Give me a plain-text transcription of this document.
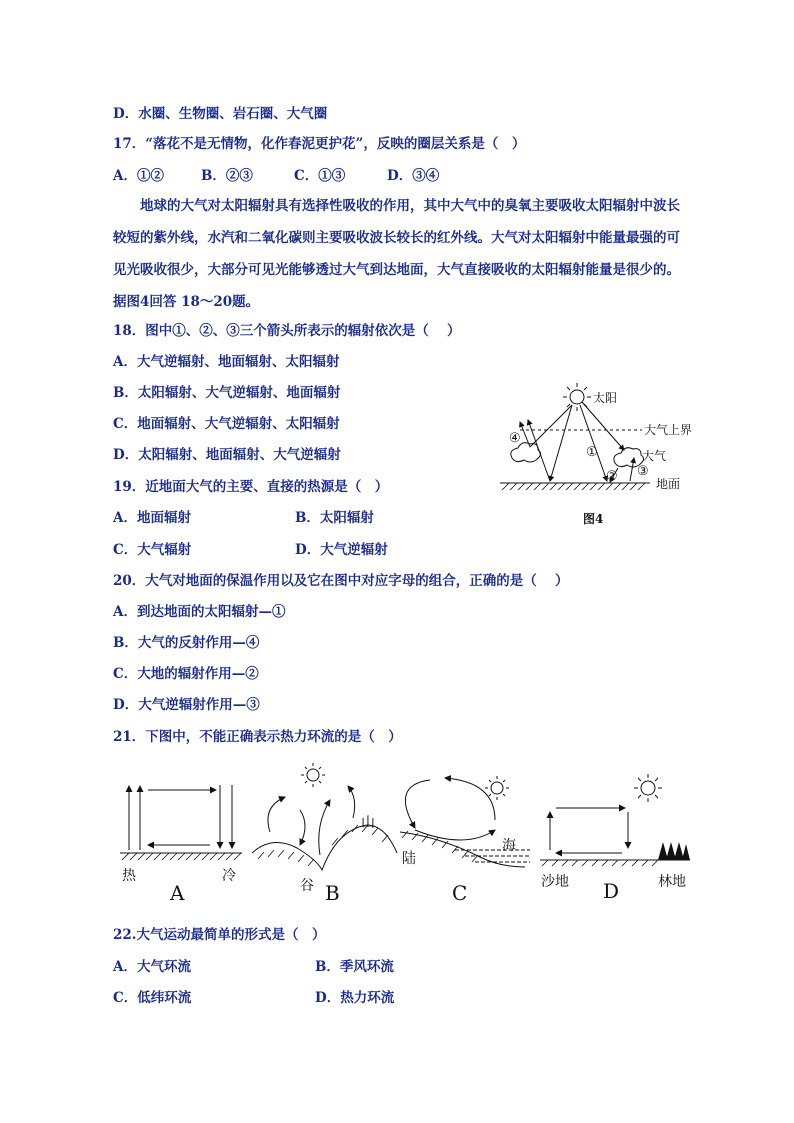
D．水圈、生物圈、岩石圈、大气圈
17．“落花不是无情物，化作春泥更护花”，反映的圈层关系是（　）
A．①②	B．②③	C．①③	D．③④
地球的大气对太阳辐射具有选择性吸收的作用，其中大气中的臭氧主要吸收太阳辐射中波长较短的紫外线，水汽和二氧化碳则主要吸收波长较长的红外线。大气对太阳辐射中能量最强的可见光吸收很少，大部分可见光能够透过大气到达地面，大气直接吸收的太阳辐射能量是很少的。据图4回答 18～20题。
18．图中①、②、③三个箭头所表示的辐射依次是（　 ）
A．大气逆辐射、地面辐射、太阳辐射
B．太阳辐射、大气逆辐射、地面辐射
C．地面辐射、大气逆辐射、太阳辐射
D．太阳辐射、地面辐射、大气逆辐射
19．近地面大气的主要、直接的热源是（　）
A．地面辐射	B．太阳辐射
C．大气辐射	D．大气逆辐射
20．大气对地面的保温作用以及它在图中对应字母的组合，正确的是（　 ）
A．到达地面的太阳辐射—①
B．大气的反射作用—④
C．大地的辐射作用—②
D．大气逆辐射作用—③
21．下图中，不能正确表示热力环流的是（　）
22.大气运动最简单的形式是（　）
A．大气环流	B．季风环流
C．低纬环流	D．热力环流
太阳
大气上界
大气
地面
④
①
② ③
图4
热	冷
A
山
谷 B
陆
海
C	沙地	林地
D
